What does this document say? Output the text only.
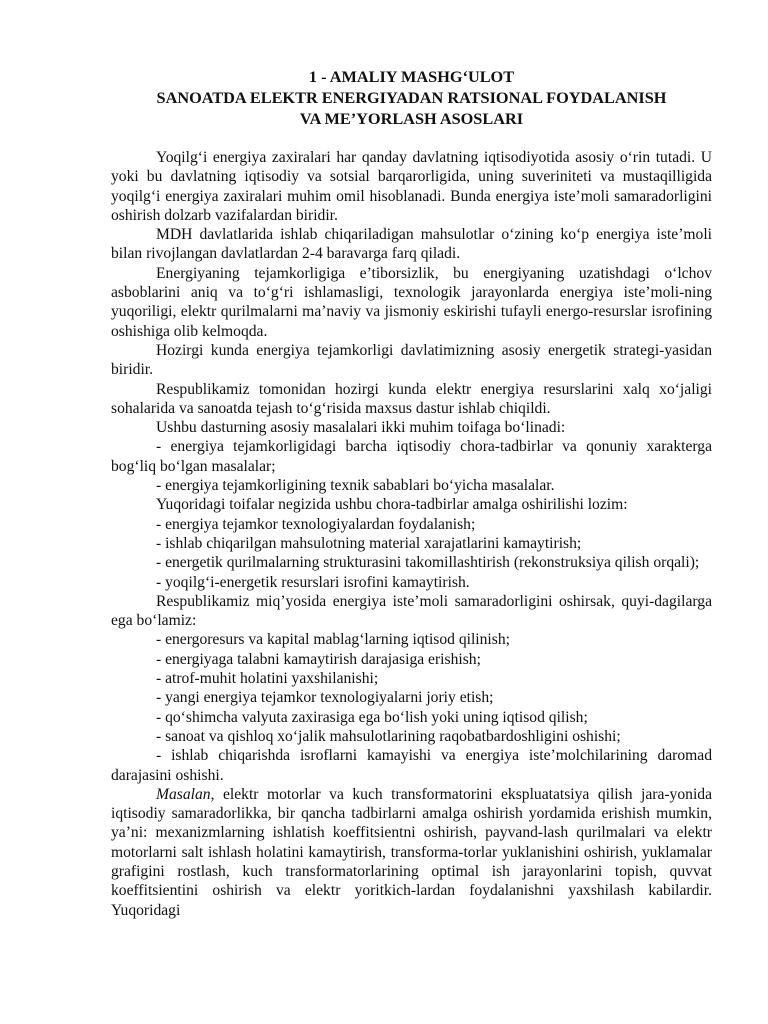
1 - AMALIY MASHG‘ULOT

SANOATDA ELEKTR ENERGIYADAN RATSIONAL FOYDALANISH

VA ME’YORLASH ASOSLARI

Yoqilg‘i energiya zaxiralari har qanday davlatning iqtisodiyotida asosiy o‘rin tutadi. U yoki bu davlatning iqtisodiy va sotsial barqarorligida, uning suveriniteti va mustaqilligida yoqilg‘i energiya zaxiralari muhim omil hisoblanadi. Bunda energiya iste’moli samaradorligini oshirish dolzarb vazifalardan biridir.

MDH davlatlarida ishlab chiqariladigan mahsulotlar o‘zining ko‘p energiya iste’moli bilan rivojlangan davlatlardan 2-4 baravarga farq qiladi.

Energiyaning tejamkorligiga e’tiborsizlik, bu energiyaning uzatishdagi o‘lchov asboblarini aniq va to‘g‘ri ishlamasligi, texnologik jarayonlarda energiya iste’moli-ning yuqoriligi, elektr qurilmalarni ma’naviy va jismoniy eskirishi tufayli energo-resurslar isrofining oshishiga olib kelmoqda.

Hozirgi kunda energiya tejamkorligi davlatimizning asosiy energetik strategi-yasidan biridir.

Respublikamiz tomonidan hozirgi kunda elektr energiya resurslarini xalq xo‘jaligi sohalarida va sanoatda tejash to‘g‘risida maxsus dastur ishlab chiqildi.

Ushbu dasturning asosiy masalalari ikki muhim toifaga bo‘linadi:

- energiya tejamkorligidagi barcha iqtisodiy chora-tadbirlar va qonuniy xarakterga bog‘liq bo‘lgan masalalar;

- energiya tejamkorligining texnik sabablari bo‘yicha masalalar.

Yuqoridagi toifalar negizida ushbu chora-tadbirlar amalga oshirilishi lozim:

- energiya tejamkor texnologiyalardan foydalanish;

- ishlab chiqarilgan mahsulotning material xarajatlarini kamaytirish;

- energetik qurilmalarning strukturasini takomillashtirish (rekonstruksiya qilish orqali);

- yoqilg‘i-energetik resurslari isrofini kamaytirish.

Respublikamiz miq’yosida energiya iste’moli samaradorligini oshirsak, quyi-dagilarga ega bo‘lamiz:

- energoresurs va kapital mablag‘larning iqtisod qilinish;

- energiyaga talabni kamaytirish darajasiga erishish;

- atrof-muhit holatini yaxshilanishi;

- yangi energiya tejamkor texnologiyalarni joriy etish;

- qo‘shimcha valyuta zaxirasiga ega bo‘lish yoki uning iqtisod qilish;

- sanoat va qishloq xo‘jalik mahsulotlarining raqobatbardoshligini oshishi;

- ishlab chiqarishda isroflarni kamayishi va energiya iste’molchilarining daromad darajasini oshishi.

Masalan, elektr motorlar va kuch transformatorini ekspluatatsiya qilish jara-yonida iqtisodiy samaradorlikka, bir qancha tadbirlarni amalga oshirish yordamida erishish mumkin, ya’ni: mexanizmlarning ishlatish koeffitsientni oshirish, payvand-lash qurilmalari va elektr motorlarni salt ishlash holatini kamaytirish, transforma-torlar yuklanishini oshirish, yuklamalar grafigini rostlash, kuch transformatorlarining optimal ish jarayonlarini topish, quvvat koeffitsientini oshirish va elektr yoritkich-lardan foydalanishni yaxshilash kabilardir. Yuqoridagi
